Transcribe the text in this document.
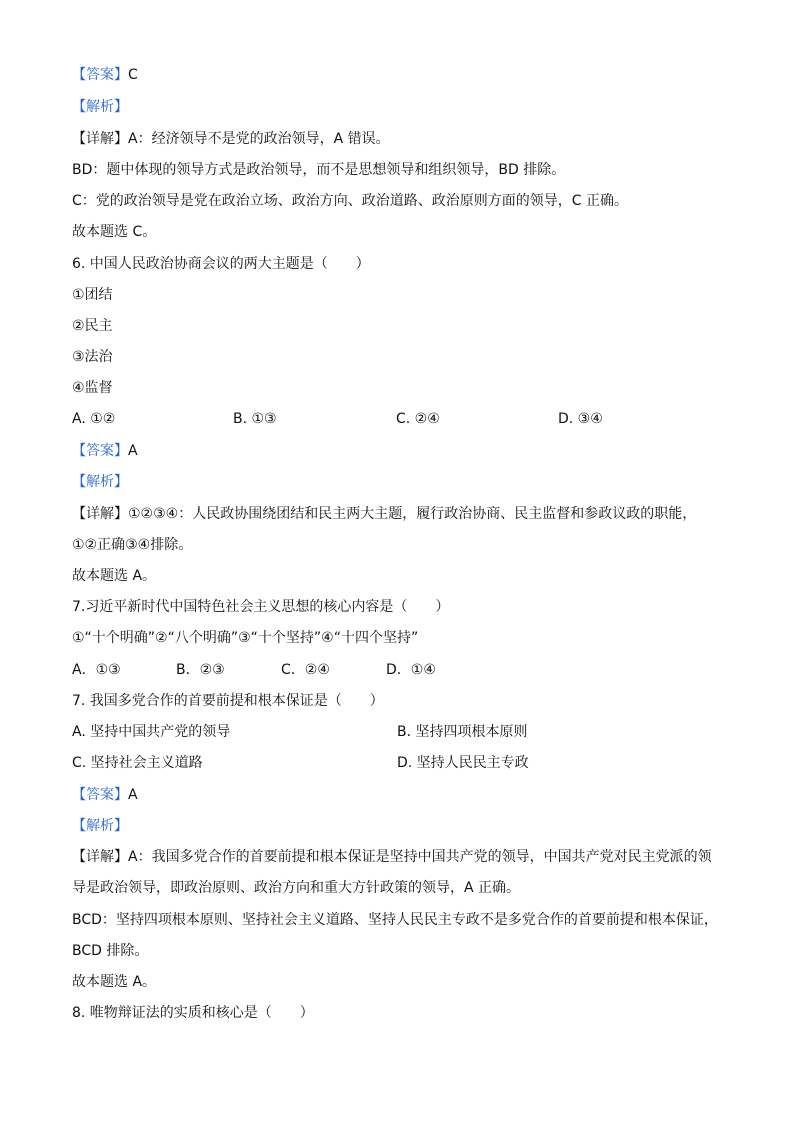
【答案】C
【解析】
【详解】A：经济领导不是党的政治领导，A 错误。
BD：题中体现的领导方式是政治领导，而不是思想领导和组织领导，BD 排除。
C：党的政治领导是党在政治立场、政治方向、政治道路、政治原则方面的领导，C 正确。
故本题选 C。
6. 中国人民政治协商会议的两大主题是（　　）
①团结
②民主
③法治
④监督
A. ①②	B. ①③	C. ②④	D. ③④
【答案】A
【解析】
【详解】①②③④：人民政协围绕团结和民主两大主题，履行政治协商、民主监督和参政议政的职能，
①②正确③④排除。
故本题选 A。
7.习近平新时代中国特色社会主义思想的核心内容是（　　）
①“十个明确”②“八个明确”③“十个坚持”④“十四个坚持”
A．①③	B．②③	C．②④	D．①④
7. 我国多党合作的首要前提和根本保证是（　　）
A. 坚持中国共产党的领导	B. 坚持四项根本原则
C. 坚持社会主义道路	D. 坚持人民民主专政
【答案】A
【解析】
【详解】A：我国多党合作的首要前提和根本保证是坚持中国共产党的领导，中国共产党对民主党派的领
导是政治领导，即政治原则、政治方向和重大方针政策的领导，A 正确。
BCD：坚持四项根本原则、坚持社会主义道路、坚持人民民主专政不是多党合作的首要前提和根本保证，
BCD 排除。
故本题选 A。
8. 唯物辩证法的实质和核心是（　　）
